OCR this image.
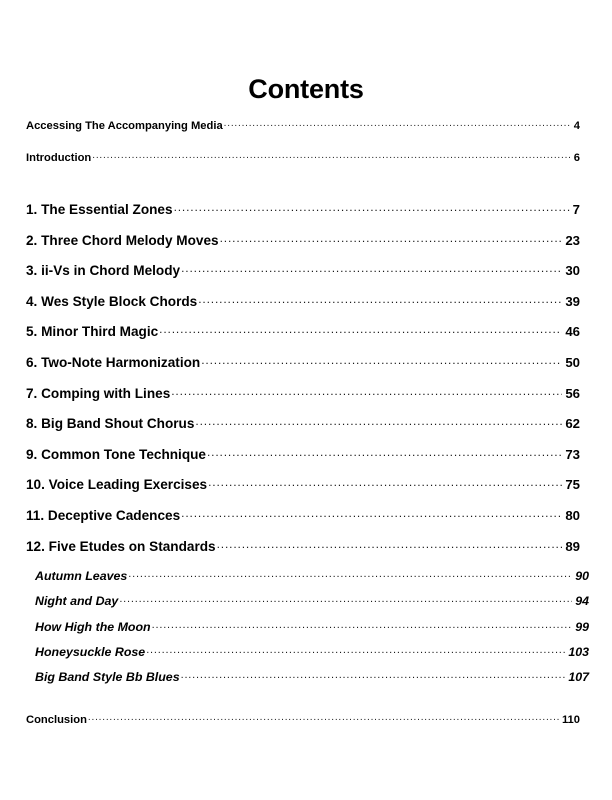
Contents
Accessing The Accompanying Media .....	4
Introduction .....	6
1. The Essential Zones .....	7
2. Three Chord Melody Moves .....	23
3. ii-Vs in Chord Melody .....	30
4. Wes Style Block Chords .....	39
5. Minor Third Magic .....	46
6. Two-Note Harmonization .....	50
7. Comping with Lines .....	56
8. Big Band Shout Chorus .....	62
9. Common Tone Technique .....	73
10. Voice Leading Exercises .....	75
11. Deceptive Cadences .....	80
12. Five Etudes on Standards .....	89
Autumn Leaves .....	90
Night and Day .....	94
How High the Moon .....	99
Honeysuckle Rose .....	103
Big Band Style Bb Blues .....	107
Conclusion .....	110
